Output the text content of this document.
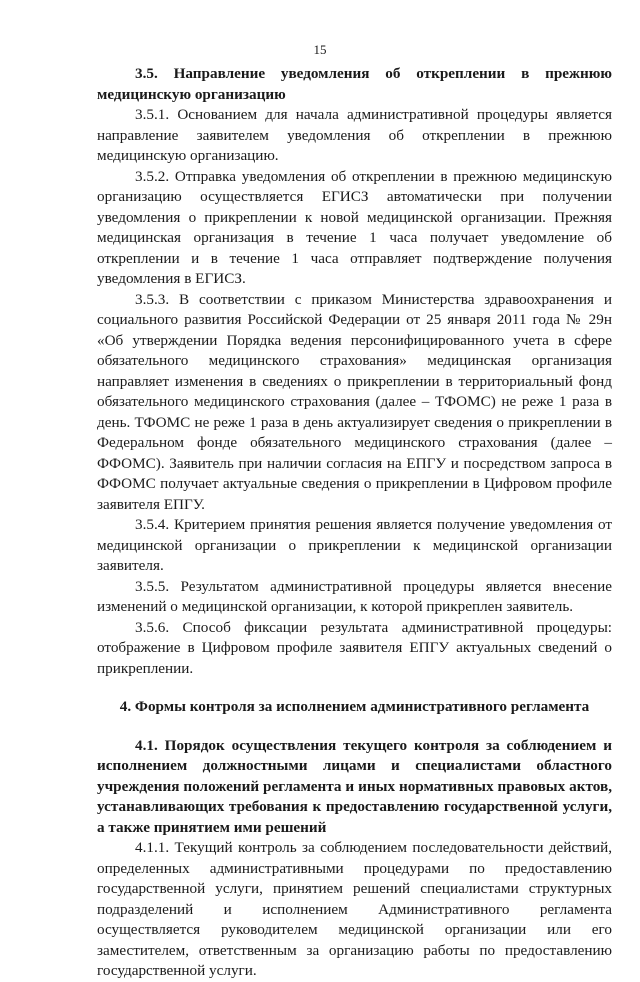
15

3.5. Направление уведомления об откреплении в прежнюю медицинскую организацию

3.5.1. Основанием для начала административной процедуры является направление заявителем уведомления об откреплении в прежнюю медицинскую организацию.

3.5.2. Отправка уведомления об откреплении в прежнюю медицинскую организацию осуществляется ЕГИСЗ автоматически при получении уведомления о прикреплении к новой медицинской организации. Прежняя медицинская организация в течение 1 часа получает уведомление об откреплении и в течение 1 часа отправляет подтверждение получения уведомления в ЕГИСЗ.

3.5.3. В соответствии с приказом Министерства здравоохранения и социального развития Российской Федерации от 25 января 2011 года № 29н «Об утверждении Порядка ведения персонифицированного учета в сфере обязательного медицинского страхования» медицинская организация направляет изменения в сведениях о прикреплении в территориальный фонд обязательного медицинского страхования (далее – ТФОМС) не реже 1 раза в день. ТФОМС не реже 1 раза в день актуализирует сведения о прикреплении в Федеральном фонде обязательного медицинского страхования (далее – ФФОМС). Заявитель при наличии согласия на ЕПГУ и посредством запроса в ФФОМС получает актуальные сведения о прикреплении в Цифровом профиле заявителя ЕПГУ.

3.5.4. Критерием принятия решения является получение уведомления от медицинской организации о прикреплении к медицинской организации заявителя.

3.5.5. Результатом административной процедуры является внесение изменений о медицинской организации, к которой прикреплен заявитель.

3.5.6. Способ фиксации результата административной процедуры: отображение в Цифровом профиле заявителя ЕПГУ актуальных сведений о прикреплении.

4. Формы контроля за исполнением административного регламента

4.1. Порядок осуществления текущего контроля за соблюдением и исполнением должностными лицами и специалистами областного учреждения положений регламента и иных нормативных правовых актов, устанавливающих требования к предоставлению государственной услуги, а также принятием ими решений

4.1.1. Текущий контроль за соблюдением последовательности действий, определенных административными процедурами по предоставлению государственной услуги, принятием решений специалистами структурных подразделений и исполнением Административного регламента осуществляется руководителем медицинской организации или его заместителем, ответственным за организацию работы по предоставлению государственной услуги.
